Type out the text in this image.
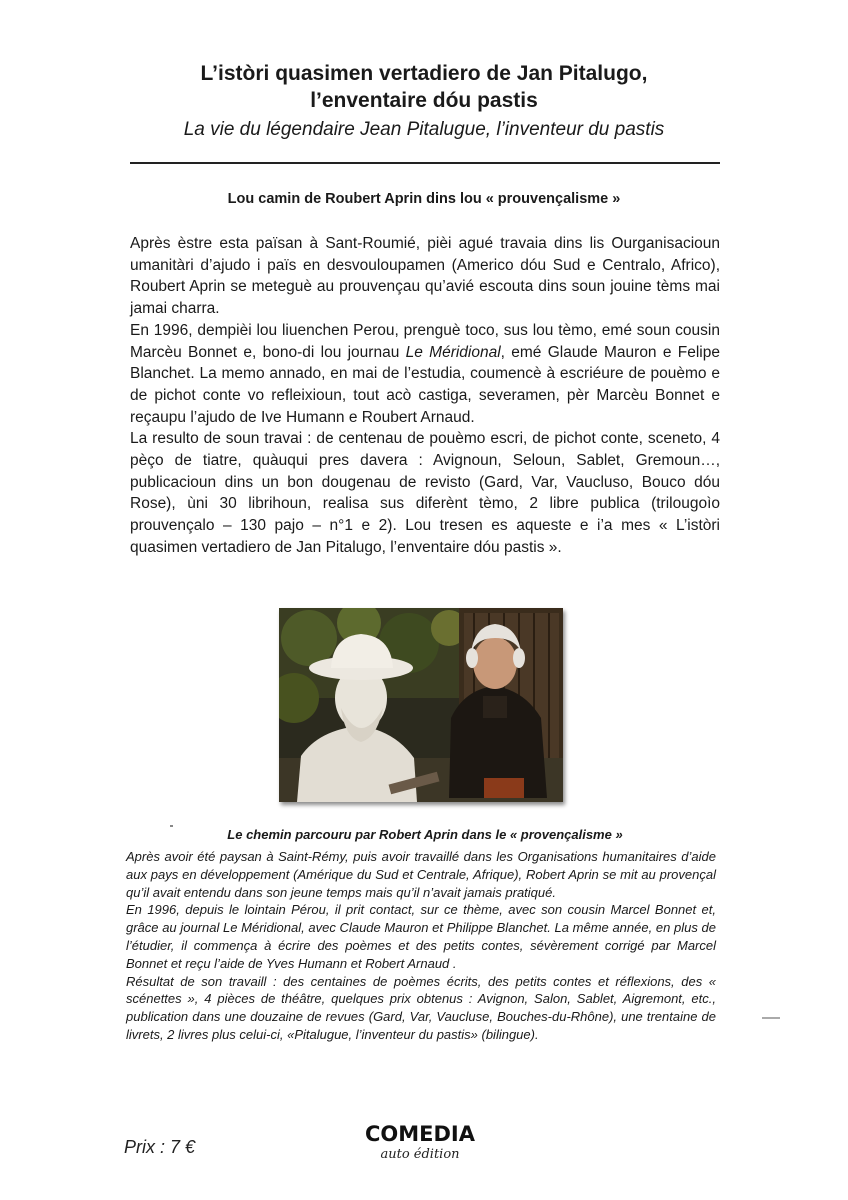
L’istòri quasimen vertadiero de Jan Pitalugo,
l’enventaire dóu pastis
La vie du légendaire Jean Pitalugue, l’inventeur du pastis
Lou camin de Roubert Aprin dins lou « prouvençalisme »

Après èstre esta païsan à Sant-Roumié, pièi agué travaia dins lis Ourganisacioun umanitàri d’ajudo i païs en desvouloupamen (Americo dóu Sud e Centralo, Africo), Roubert Aprin se meteguè au prouvençau qu’avié escouta dins soun jouine tèms mai jamai charra.

En 1996, dempièi lou liuenchen Perou, prenguè toco, sus lou tèmo, emé soun cousin Marcèu Bonnet e, bono-di lou journau Le Méridional, emé Glaude Mauron e Felipe Blanchet. La memo annado, en mai de l’estudia, coumencè à escriéure de pouèmo e de pichot conte vo refleixioun, tout acò castiga, severamen, pèr Marcèu Bonnet e reçaupu l’ajudo de Ive Humann e Roubert Arnaud.

La resulto de soun travai : de centenau de pouèmo escri, de pichot conte, sceneto, 4 pèço de tiatre, quàuqui pres davera : Avignoun, Seloun, Sablet, Gremoun…, publicacioun dins un bon dougenau de revisto (Gard, Var, Vaucluso, Bouco dóu Rose), ùni 30 librihoun, realisa sus diferènt tèmo, 2 libre publica (trilougoìo prouvençalo – 130 pajo – n°1 e 2). Lou tresen es aqueste e i’a mes « L’istòri quasimen vertadiero de Jan Pitalugo, l’enventaire dóu pastis ».

Le chemin parcouru par Robert Aprin dans le « provençalisme »

Après avoir été paysan à Saint-Rémy, puis avoir travaillé dans les Organisations humanitaires d’aide aux pays en développement (Amérique du Sud et Centrale, Afrique), Robert Aprin se mit au provençal qu’il avait entendu dans son jeune temps mais qu’il n’avait jamais pratiqué.

En 1996, depuis le lointain Pérou, il prit contact, sur ce thème, avec son cousin Marcel Bonnet et, grâce au journal Le Méridional, avec Claude Mauron et Philippe Blanchet. La même année, en plus de l’étudier, il commença à écrire des poèmes et des petits contes, sévèrement corrigé par Marcel Bonnet et reçu l’aide de Yves Humann et Robert Arnaud .

Résultat de son travaill : des centaines de poèmes écrits, des petits contes et réflexions, des « scénettes », 4 pièces de théâtre, quelques prix obtenus : Avignon, Salon, Sablet, Aigremont, etc., publication dans une douzaine de revues (Gard, Var, Vaucluse, Bouches-du-Rhône), une trentaine de livrets, 2 livres plus celui-ci, «Pitalugue, l’inventeur du pastis» (bilingue).

Prix : 7 €
COMEDIA
auto édition
